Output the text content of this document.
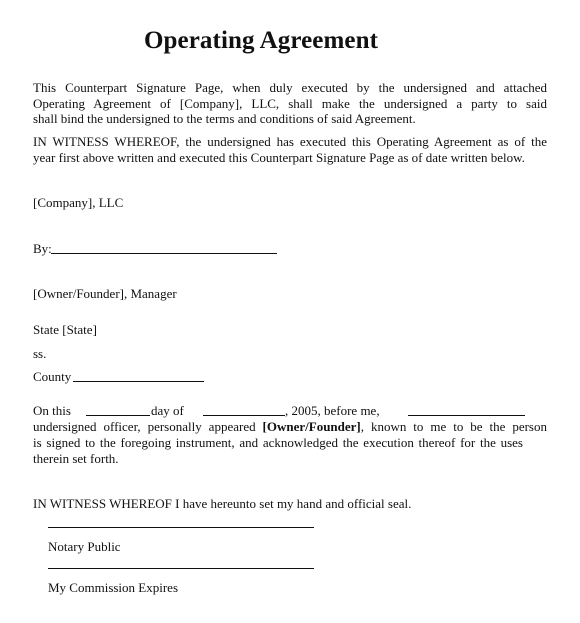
Operating Agreement
This Counterpart Signature Page, when duly executed by the undersigned and attached
Operating Agreement of [Company], LLC, shall make the undersigned a party to said
shall bind the undersigned to the terms and conditions of said Agreement.
IN WITNESS WHEREOF, the undersigned has executed this Operating Agreement as of the
year first above written and executed this Counterpart Signature Page as of date written below.
[Company], LLC
By:
[Owner/Founder], Manager
State [State]
ss.
County
On this	day of	, 2005, before me,
undersigned officer, personally appeared [Owner/Founder], known to me to be the person
is signed to the foregoing instrument, and acknowledged the execution thereof for the uses
therein set forth.
IN WITNESS WHEREOF I have hereunto set my hand and official seal.
Notary Public
My Commission Expires
